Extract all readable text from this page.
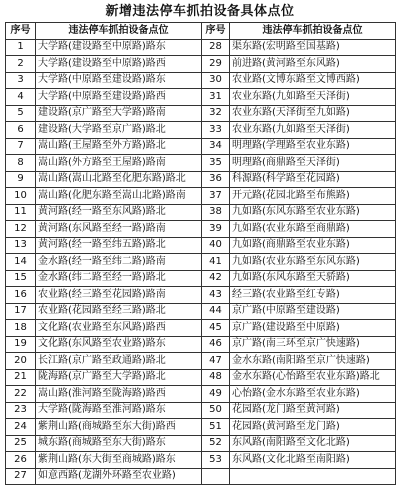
新增违法停车抓拍设备具体点位
序号	违法停车抓拍设备点位	序号	违法停车抓拍设备点位
1	大学路(建设路至中原路)路东	28	渠东路(宏明路至国基路)
2	大学路(建设路至中原路)路西	29	前进路(黄河路至东风路)
3	大学路(中原路至建设路)路东	30	农业路(文博东路至文博西路)
4	大学路(中原路至建设路)路西	31	农业东路(九如路至天泽街)
5	建设路(京广路至大学路)路南	32	农业东路(天泽街至九如路)
6	建设路(大学路至京广路)路北	33	农业东路(九如路至天泽街)
7	嵩山路(王屋路至外方路)路北	34	明理路(学理路至农业东路)
8	嵩山路(外方路至王屋路)路南	35	明理路(商鼎路至天泽街)
9	嵩山路(嵩山北路至化肥东路)路北	36	科源路(科学路至花园路)
10	嵩山路(化肥东路至嵩山北路)路南	37	开元路(花园北路至布熊路)
11	黄河路(经一路至东风路)路北	38	九如路(东风东路至农业东路)
12	黄河路(东风路至经一路)路南	39	九如路(农业东路至商鼎路)
13	黄河路(经一路至纬五路)路北	40	九如路(商鼎路至农业东路)
14	金水路(经一路至纬二路)路南	41	九如路(农业东路至东风东路)
15	金水路(纬二路至经一路)路北	42	九如路(东风东路至天骄路)
16	农业路(经三路至花园路)路南	43	经三路(农业路至红专路)
17	农业路(花园路至经三路)路北	44	京广路(中原路至建设路)
18	文化路(农业路至东风路)路西	45	京广路(建设路至中原路)
19	文化路(东风路至农业路)路东	46	京广路(南三环至京广快速路)
20	长江路(京广路至政通路)路北	47	金水东路(南阳路至京广快速路)
21	陇海路(京广路至大学路)路北	48	金水东路(心怡路至农业东路)路北
22	嵩山路(淮河路至陇海路)路西	49	心怡路(金水东路至农业东路)
23	大学路(陇海路至淮河路)路东	50	花园路(龙门路至黄河路)
24	紫荆山路(商城路至东大街)路西	51	花园路(黄河路至龙门路)
25	城东路(商城路至东大街)路东	52	东风路(南阳路至文化北路)
26	紫荆山路(东大街至商城路)路东	53	东风路(文化北路至南阳路)
27	如意西路(龙湖外环路至农业路)		
